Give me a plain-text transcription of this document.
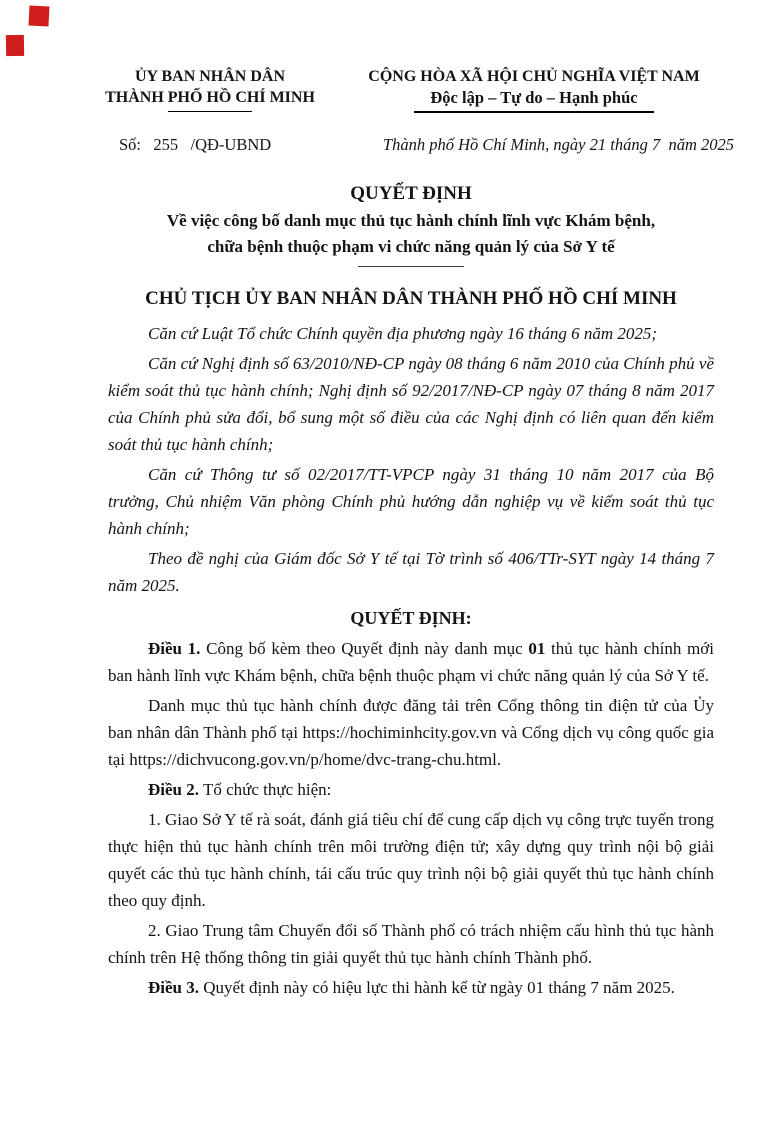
ỦY BAN NHÂN DÂN
THÀNH PHỐ HỒ CHÍ MINH
CỘNG HÒA XÃ HỘI CHỦ NGHĨA VIỆT NAM
Độc lập – Tự do – Hạnh phúc
Số:   255   /QĐ-UBND	Thành phố Hồ Chí Minh, ngày 21 tháng 7  năm 2025
QUYẾT ĐỊNH
Về việc công bố danh mục thủ tục hành chính lĩnh vực Khám bệnh,
chữa bệnh thuộc phạm vi chức năng quản lý của Sở Y tế
CHỦ TỊCH ỦY BAN NHÂN DÂN THÀNH PHỐ HỒ CHÍ MINH

Căn cứ Luật Tổ chức Chính quyền địa phương ngày 16 tháng 6 năm 2025;

Căn cứ Nghị định số 63/2010/NĐ-CP ngày 08 tháng 6 năm 2010 của Chính phủ về kiểm soát thủ tục hành chính; Nghị định số 92/2017/NĐ-CP ngày 07 tháng 8 năm 2017 của Chính phủ sửa đổi, bổ sung một số điều của các Nghị định có liên quan đến kiểm soát thủ tục hành chính;

Căn cứ Thông tư số 02/2017/TT-VPCP ngày 31 tháng 10 năm 2017 của Bộ trưởng, Chủ nhiệm Văn phòng Chính phủ hướng dẫn nghiệp vụ về kiểm soát thủ tục hành chính;

Theo đề nghị của Giám đốc Sở Y tế tại Tờ trình số 406/TTr-SYT ngày 14 tháng 7 năm 2025.

QUYẾT ĐỊNH:

Điều 1. Công bố kèm theo Quyết định này danh mục 01 thủ tục hành chính mới ban hành lĩnh vực Khám bệnh, chữa bệnh thuộc phạm vi chức năng quản lý của Sở Y tế.

Danh mục thủ tục hành chính được đăng tải trên Cổng thông tin điện tử của Ủy ban nhân dân Thành phố tại https://hochiminhcity.gov.vn và Cổng dịch vụ công quốc gia tại https://dichvucong.gov.vn/p/home/dvc-trang-chu.html.

Điều 2. Tổ chức thực hiện:

1. Giao Sở Y tế rà soát, đánh giá tiêu chí để cung cấp dịch vụ công trực tuyến trong thực hiện thủ tục hành chính trên môi trường điện tử; xây dựng quy trình nội bộ giải quyết các thủ tục hành chính, tái cấu trúc quy trình nội bộ giải quyết thủ tục hành chính theo quy định.

2. Giao Trung tâm Chuyển đổi số Thành phố có trách nhiệm cấu hình thủ tục hành chính trên Hệ thống thông tin giải quyết thủ tục hành chính Thành phố.

Điều 3. Quyết định này có hiệu lực thi hành kể từ ngày 01 tháng 7 năm 2025.
